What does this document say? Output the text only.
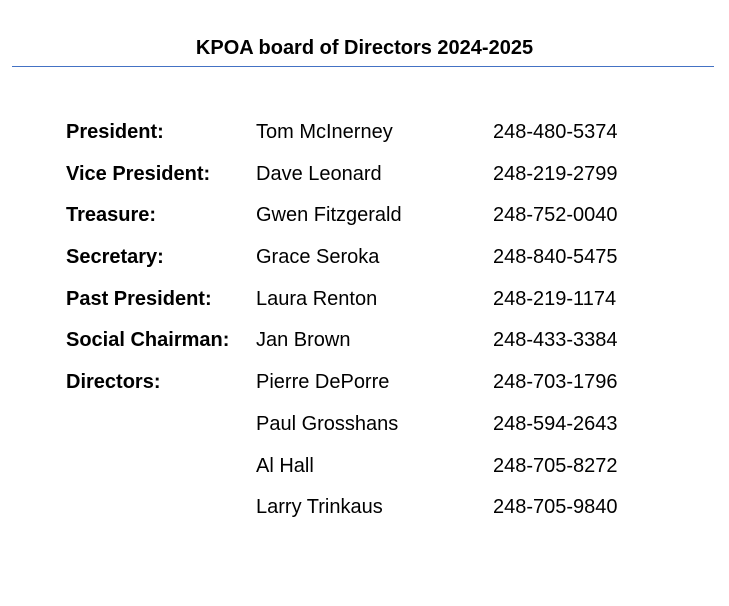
KPOA board of Directors 2024-2025
President:	Tom McInerney	248-480-5374
Vice President: Dave Leonard	248-219-2799
Treasure:	Gwen Fitzgerald	248-752-0040
Secretary:	Grace Seroka	248-840-5475
Past President: Laura Renton	248-219-1174
Social Chairman: Jan Brown	248-433-3384
Directors:	Pierre DePorre	248-703-1796
Paul Grosshans	248-594-2643
Al Hall	248-705-8272
Larry Trinkaus	248-705-9840
